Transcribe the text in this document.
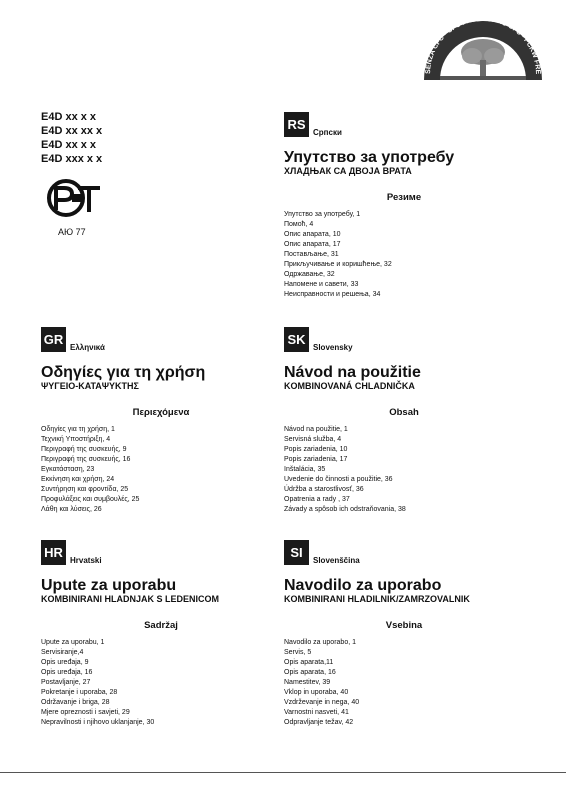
SENZA CFC - CFC FREE - SANS CFC - FCKW FRE
E4D xx x x
E4D xx xx x
E4D xx x x
E4D xxx x x
АЮ 77
RS
Српски
Упутство за употребу
ХЛАДЊАК СА ДВОЈА ВРАТА
Резиме
Упутство за употребу, 1
Помоћ, 4
Опис апарата, 10
Опис апарата, 17
Постављање, 31
Прикључивање и коришћење, 32
Одржавање, 32
Напомене и савети, 33
Неисправности и решења, 34
GR
Ελληνικά
Οδηγίες για τη χρήση
ΨΥΓΕΙΟ-ΚΑΤΑΨΥΚΤΗΣ
Περιεχόμενα
Οδηγίες για τη χρήση, 1
Τεχνική Υποστήριξη, 4
Περιγραφή της συσκευής, 9
Περιγραφή της συσκευής, 16
Εγκατάσταση, 23
Εκκίνηση και χρήση, 24
Συντήρηση και φροντίδα, 25
Προφυλάξεις και συμβουλές, 25
Λάθη και λύσεις, 26
SK
Slovensky
Návod na použitie
KOMBINOVANÁ CHLADNIČKA
Obsah
Návod na použitie, 1
Servisná služba, 4
Popis zariadenia, 10
Popis zariadenia, 17
Inštalácia, 35
Uvedenie do činnosti a použitie, 36
Údržba a starostlivosť, 36
Opatrenia a rady , 37
Závady a spôsob ich odstraňovania, 38
HR
Hrvatski
Upute za uporabu
KOMBINIRANI HLADNJAK S LEDENICOM
Sadržaj
Upute za uporabu, 1
Servisiranje,4
Opis uređaja, 9
Opis uređaja, 16
Postavljanje, 27
Pokretanje i uporaba, 28
Održavanje i briga, 28
Mjere opreznosti i savjeti, 29
Nepravilnosti i njihovo uklanjanje, 30
SI
Slovenščina
Navodilo za uporabo
KOMBINIRANI HLADILNIK/ZAMRZOVALNIK
Vsebina
Navodilo za uporabo, 1
Servis, 5
Opis aparata,11
Opis aparata, 16
Namestitev, 39
Vklop in uporaba, 40
Vzdrževanje in nega, 40
Varnostni nasveti, 41
Odpravljanje težav, 42
